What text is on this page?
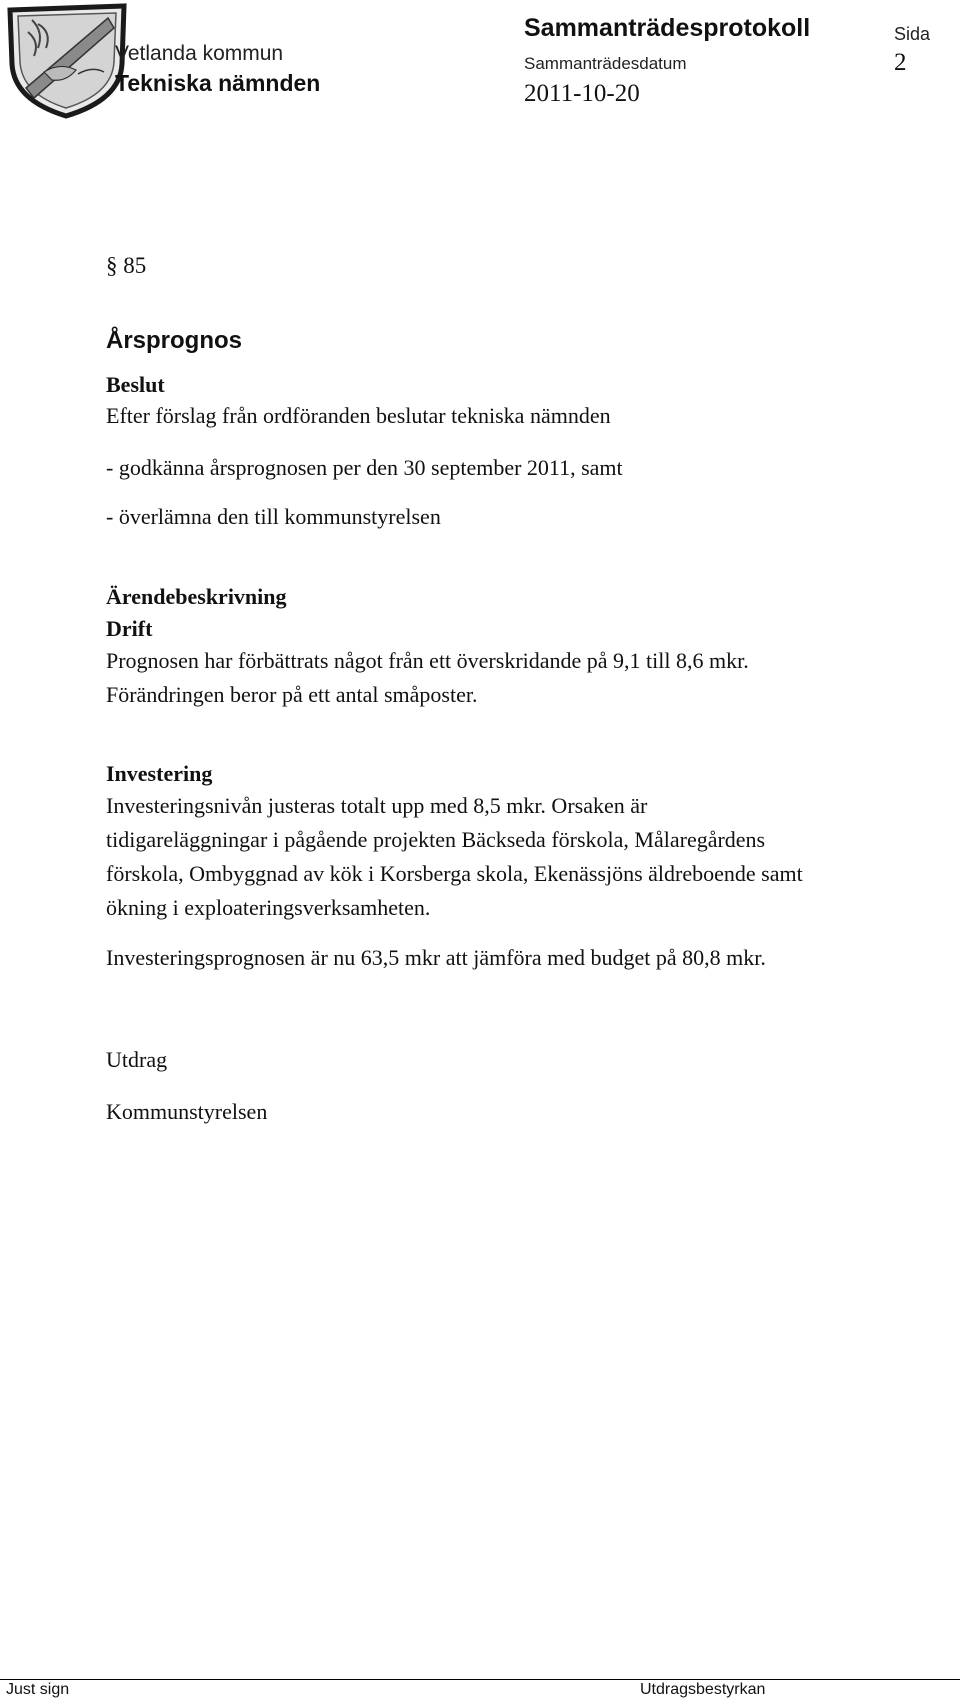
Vetlanda kommun
Tekniska nämnden
Sammanträdesprotokoll	Sida
2
Sammanträdesdatum
2011-10-20
§ 85
Årsprognos
Beslut
Efter förslag från ordföranden beslutar tekniska nämnden
- godkänna årsprognosen per den 30 september 2011, samt
- överlämna den till kommunstyrelsen
Ärendebeskrivning
Drift
Prognosen har förbättrats något från ett överskridande på 9,1 till 8,6 mkr.
Förändringen beror på ett antal småposter.
Investering
Investeringsnivån justeras totalt upp med 8,5 mkr. Orsaken är
tidigareläggningar i pågående projekten Bäckseda förskola, Målaregårdens
förskola, Ombyggnad av kök i Korsberga skola, Ekenässjöns äldreboende samt
ökning i exploateringsverksamheten.
Investeringsprognosen är nu 63,5 mkr att jämföra med budget på 80,8 mkr.
Utdrag
Kommunstyrelsen
Just sign	Utdragsbestyrkan
